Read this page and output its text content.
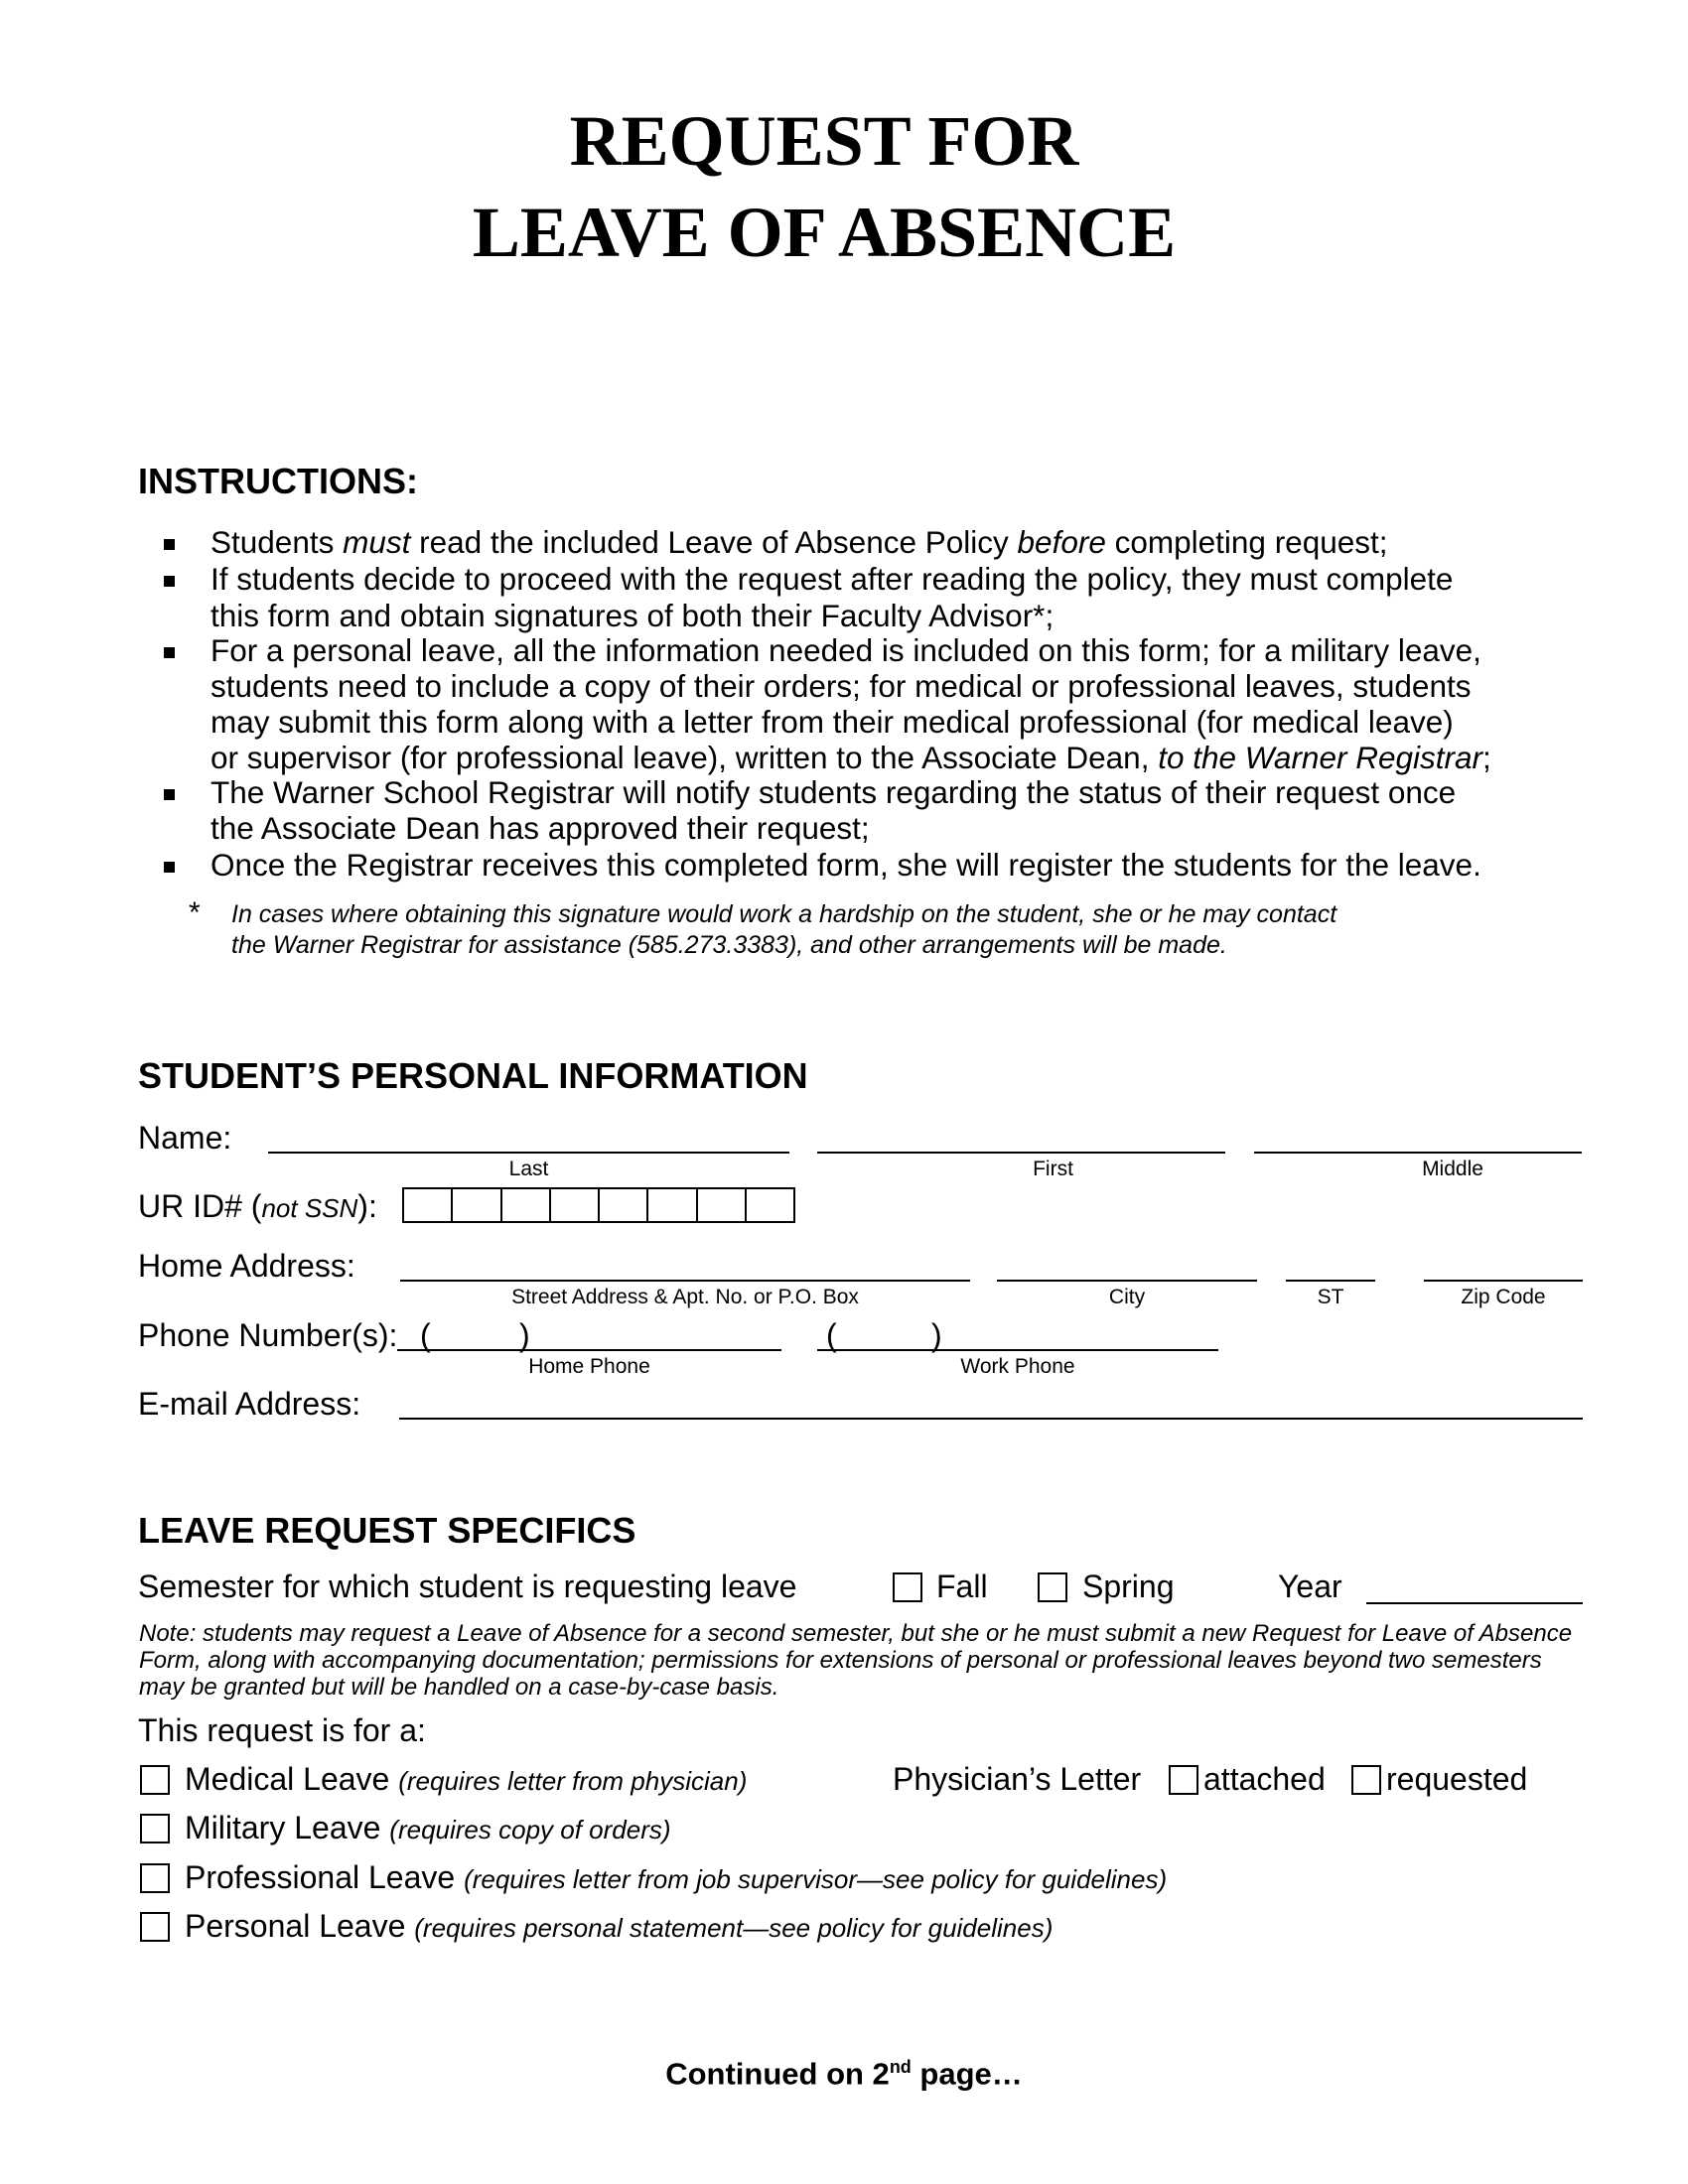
REQUEST FOR
LEAVE OF ABSENCE
INSTRUCTIONS:
Students must read the included Leave of Absence Policy before completing request;
If students decide to proceed with the request after reading the policy, they must complete
this form and obtain signatures of both their Faculty Advisor*;
For a personal leave, all the information needed is included on this form; for a military leave,
students need to include a copy of their orders; for medical or professional leaves, students
may submit this form along with a letter from their medical professional (for medical leave)
or supervisor (for professional leave), written to the Associate Dean, to the Warner Registrar;
The Warner School Registrar will notify students regarding the status of their request once
the Associate Dean has approved their request;
Once the Registrar receives this completed form, she will register the students for the leave.
* In cases where obtaining this signature would work a hardship on the student, she or he may contact
the Warner Registrar for assistance (585.273.3383), and other arrangements will be made.
STUDENT’S PERSONAL INFORMATION
Name:
Last	First	Middle
UR ID# (not SSN):
Home Address:
Street Address & Apt. No. or P.O. Box	City	ST	Zip Code
Phone Number(s): (	)	(	)
Home Phone	Work Phone
E-mail Address:
LEAVE REQUEST SPECIFICS
Semester for which student is requesting leave	Fall	Spring	Year
Note: students may request a Leave of Absence for a second semester, but she or he must submit a new Request for Leave of Absence Form, along with accompanying documentation; permissions for extensions of personal or professional leaves beyond two semesters may be granted but will be handled on a case-by-case basis.
This request is for a:
Medical Leave (requires letter from physician)	Physician’s Letter attached requested
Military Leave (requires copy of orders)
Professional Leave (requires letter from job supervisor—see policy for guidelines)
Personal Leave (requires personal statement—see policy for guidelines)
Continued on 2nd page…
